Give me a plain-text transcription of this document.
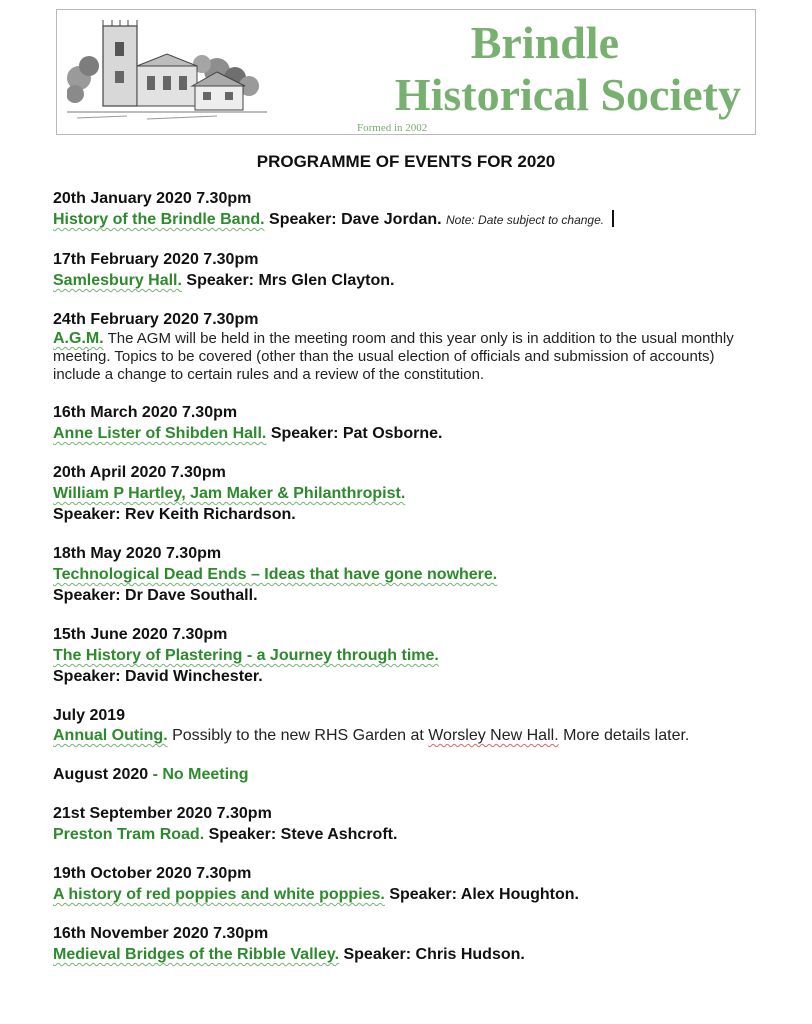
Brindle
Historical Society
Formed in 2002
PROGRAMME OF EVENTS FOR 2020
20th January 2020 7.30pm
History of the Brindle Band. Speaker: Dave Jordan. Note: Date subject to change.
17th February 2020 7.30pm
Samlesbury Hall. Speaker: Mrs Glen Clayton.
24th February 2020 7.30pm
A.G.M. The AGM will be held in the meeting room and this year only is in addition to the usual monthly meeting. Topics to be covered (other than the usual election of officials and submission of accounts) include a change to certain rules and a review of the constitution.
16th March 2020 7.30pm
Anne Lister of Shibden Hall. Speaker: Pat Osborne.
20th April 2020 7.30pm
William P Hartley, Jam Maker & Philanthropist.
Speaker: Rev Keith Richardson.
18th May 2020 7.30pm
Technological Dead Ends – Ideas that have gone nowhere.
Speaker: Dr Dave Southall.
15th June 2020 7.30pm
The History of Plastering - a Journey through time.
Speaker: David Winchester.
July 2019
Annual Outing. Possibly to the new RHS Garden at Worsley New Hall. More details later.
August 2020 - No Meeting
21st September 2020 7.30pm
Preston Tram Road. Speaker: Steve Ashcroft.
19th October 2020 7.30pm
A history of red poppies and white poppies. Speaker: Alex Houghton.
16th November 2020 7.30pm
Medieval Bridges of the Ribble Valley. Speaker: Chris Hudson.
